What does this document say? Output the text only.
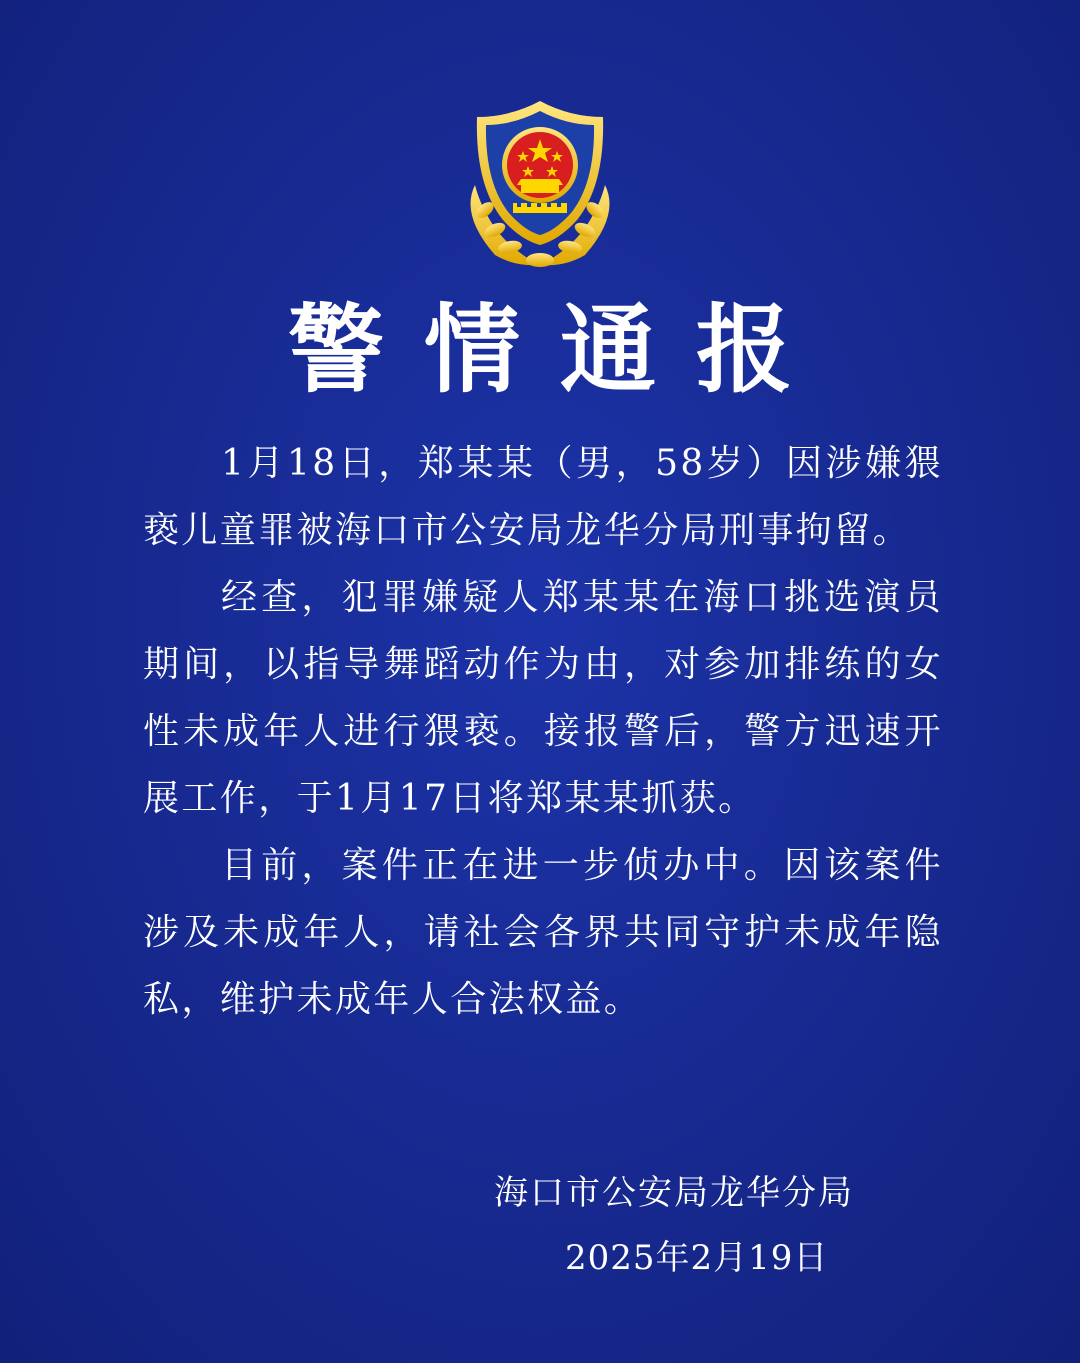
警情通报

1月18日，郑某某（男，58岁）因涉嫌猥亵儿童罪被海口市公安局龙华分局刑事拘留。

经查，犯罪嫌疑人郑某某在海口挑选演员期间，以指导舞蹈动作为由，对参加排练的女性未成年人进行猥亵。接报警后，警方迅速开展工作，于1月17日将郑某某抓获。

目前，案件正在进一步侦办中。因该案件涉及未成年人，请社会各界共同守护未成年隐私，维护未成年人合法权益。

海口市公安局龙华分局
2025年2月19日
